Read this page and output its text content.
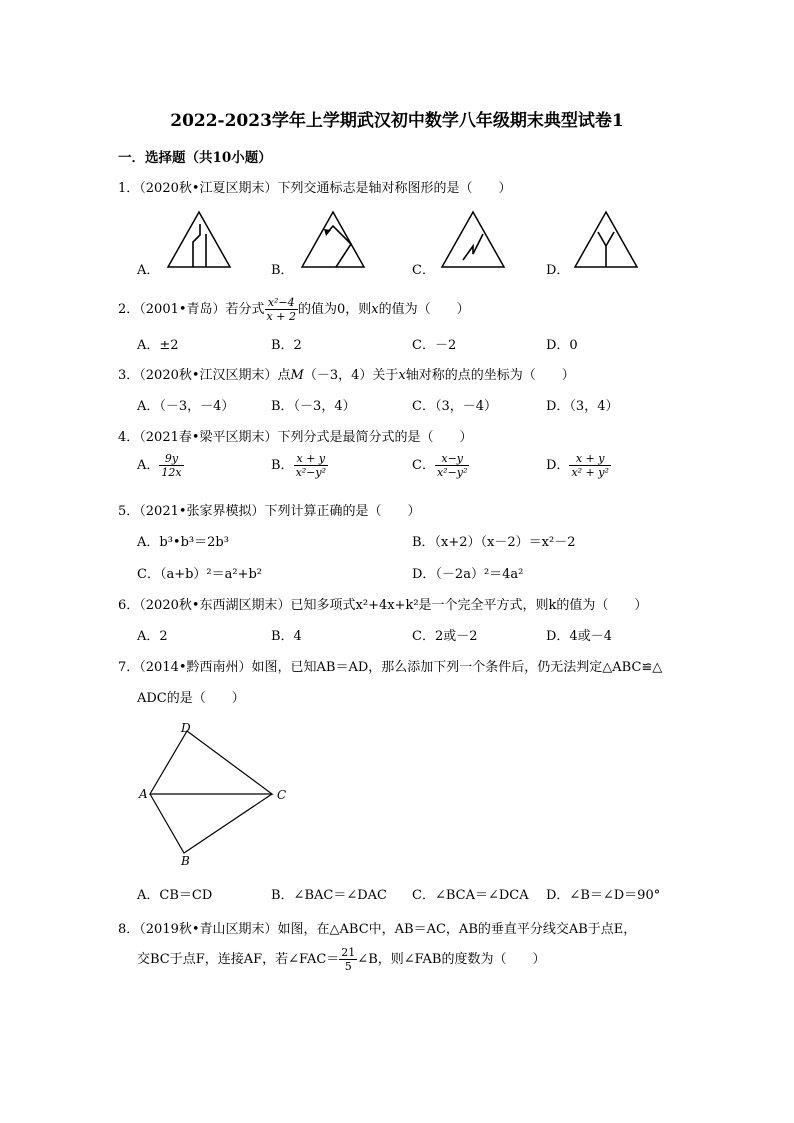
2022-2023学年上学期武汉初中数学八年级期末典型试卷1
一．选择题（共10小题）
1．（2020秋•江夏区期末）下列交通标志是轴对称图形的是（　　）
A．	B．	C．	D．
2．（2001•青岛）若分式 $\frac{\text{x²−4}}{x + 2}$ 的值为0，则x的值为（　　）
A．±2	B．2	C．－2	D．0
3．（2020秋•江汉区期末）点M（－3，4）关于x轴对称的点的坐标为（　　）
A．（－3，－4）	B．（－3，4）	C．（3，－4）	D．（3，4）
4．（2021春•梁平区期末）下列分式是最简分式的是（　　）
A． $\frac{9y}{12x}$	B． $\frac{x + y}{\text{x²−y²}}$	C． $\frac{x-y}{\text{x²−y²}}$	D． $\frac{x + y}{\text{x² + y²}}$
5．（2021•张家界模拟）下列计算正确的是（　　）
A．b³•b³＝2b³	B．（x+2）（x－2）＝x²－2
C．（a+b）²＝a²+b²	D．（－2a）²＝4a²
6．（2020秋•东西湖区期末）已知多项式x²+4x+k²是一个完全平方式，则k的值为（　　）
A．2	B．4	C．2或－2	D．4或－4
7．（2014•黔西南州）如图，已知AB＝AD，那么添加下列一个条件后，仍无法判定△ABC≌△
ADC的是（　　）
D
A	C
B
A．CB＝CD	B．∠BAC＝∠DAC C．∠BCA＝∠DCA D．∠B＝∠D＝90°
8．（2019秋•青山区期末）如图，在△ABC中，AB＝AC，AB的垂直平分线交AB于点E，
交BC于点F，连接AF，若∠FAC＝ $\frac{21}{5}$ ∠B，则∠FAB的度数为（　　）
